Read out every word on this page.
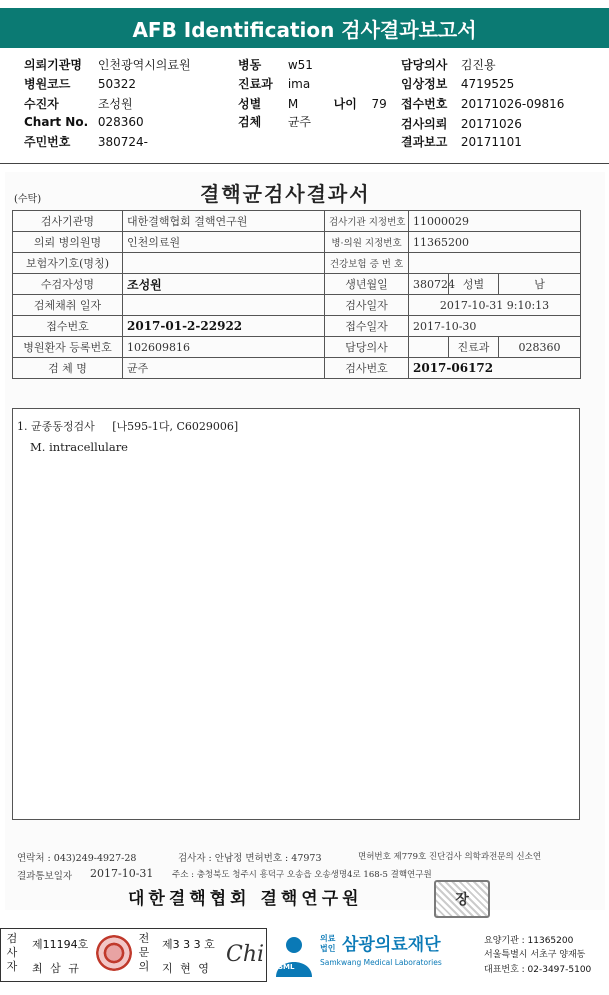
AFB Identification 검사결과보고서
의뢰기관명 인천광역시의료원	병동 w51	담당의사 김진용
병원코드 50322	진료과 ima	임상정보 4719525
수진자	조성원	성별 M	나이 79 접수번호 20171026-09816
Chart No. 028360	검체 균주	검사의뢰 20171026
주민번호 380724-	결과보고 20171101
(수탁)	결핵균검사결과서
검사기관명	대한결핵협회 결핵연구원	검사기관 지정번호	11000029		
의뢰 병의원명	인천의료원	병·의원 지정번호	11365200		
보험자기호(명칭)		건강보험 증 번 호			
수검자성명	조성원	생년월일	380724	성별	남
검체채취 일자		검사일자	2017-10-31 9:10:13		
접수번호	2017-01-2-22922	접수일자	2017-10-30		
병원환자 등록번호	102609816	담당의사		진료과	028360
검 체 명	균주	검사번호	2017-06172		
1. 균종동정검사     [나595-1다, C6029006]
M. intracellulare
연락처 : 043)249-4927-28	검사자 : 안남정 면허번호 : 47973	면허번호 제779호 진단검사 의학과전문의 신소연
결과통보일자 2017-10-31 주소 : 충청북도 청주시 흥덕구 오송읍 오송생명4로 168-5 결핵연구원
대한결핵협회 결핵연구원	장
검사자
제11194호
최 삼 규
전문의
제3 3 3 호
지 현 영
Chi SML
의료
법인 삼광의료재단
Samkwang Medical Laboratories
요양기관 : 11365200
서울특별시 서초구 양재동
대표번호 : 02-3497-5100
